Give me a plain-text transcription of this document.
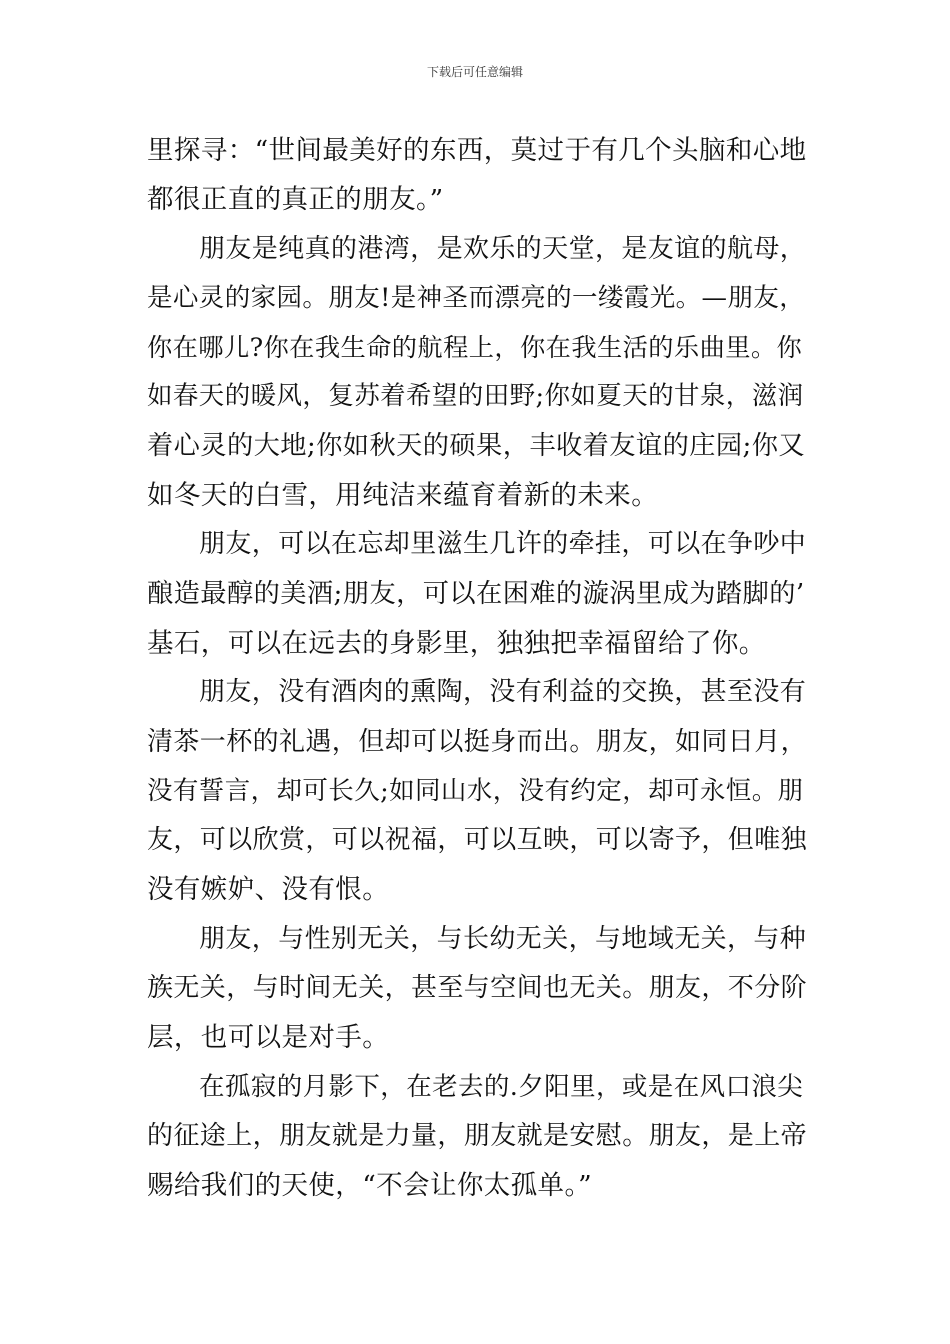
下载后可任意编辑
里探寻：“世间最美好的东西，莫过于有几个头脑和心地
都很正直的真正的朋友。”
朋友是纯真的港湾，是欢乐的天堂，是友谊的航母，
是心灵的家园。朋友!是神圣而漂亮的一缕霞光。—朋友，
你在哪儿?你在我生命的航程上，你在我生活的乐曲里。你
如春天的暖风，复苏着希望的田野;你如夏天的甘泉，滋润
着心灵的大地;你如秋天的硕果，丰收着友谊的庄园;你又
如冬天的白雪，用纯洁来蕴育着新的未来。
朋友，可以在忘却里滋生几许的牵挂，可以在争吵中
酿造最醇的美酒;朋友，可以在困难的漩涡里成为踏脚的’
基石，可以在远去的身影里，独独把幸福留给了你。
朋友，没有酒肉的熏陶，没有利益的交换，甚至没有
清茶一杯的礼遇，但却可以挺身而出。朋友，如同日月，
没有誓言，却可长久;如同山水，没有约定，却可永恒。朋
友，可以欣赏，可以祝福，可以互映，可以寄予，但唯独
没有嫉妒、没有恨。
朋友，与性别无关，与长幼无关，与地域无关，与种
族无关，与时间无关，甚至与空间也无关。朋友，不分阶
层，也可以是对手。
在孤寂的月影下，在老去的.夕阳里，或是在风口浪尖
的征途上，朋友就是力量，朋友就是安慰。朋友，是上帝
赐给我们的天使，“不会让你太孤单。”
